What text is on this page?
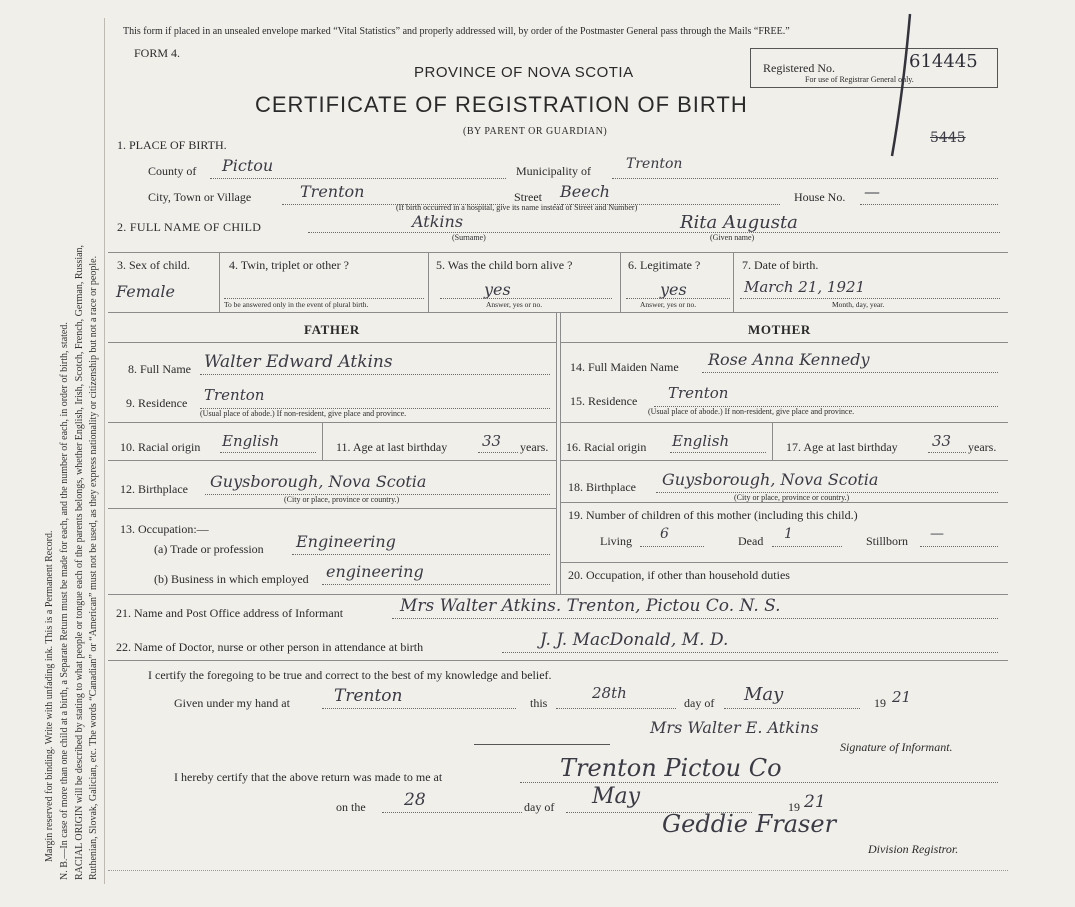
Margin reserved for binding. Write with unfading ink. This is a Permanent Record. N. B.—In case of more than one child at a birth, a Separate Return must be made for each, and the number of each, in order of birth, stated. RACIAL ORIGIN will be described by stating to what people or tongue each of the parents belongs, whether English, Irish, Scotch, French, German, Russian, Ruthenian, Slovak, Galician, etc. The words “Canadian” or “American” must not be used, as they express nationality or citizenship but not a race or people.
This form if placed in an unsealed envelope marked “Vital Statistics” and properly addressed will, by order of the Postmaster General pass through the Mails “FREE.”
FORM 4.
PROVINCE OF NOVA SCOTIA
CERTIFICATE OF REGISTRATION OF BIRTH
(BY PARENT OR GUARDIAN)
Registered No.
For use of Registrar General only.
614445
5445
1. PLACE OF BIRTH.
County of Pictou	Municipality of	Trenton
City, Town or Village	Trenton	Street Beech	House No. —
(If birth occurred in a hospital, give its name instead of Street and Number)
2. FULL NAME OF CHILD	Atkins
(Surname)
Rita Augusta
(Given name)
3. Sex of child.
Female
4. Twin, triplet or other ?
To be answered only in the event of plural birth.
5. Was the child born alive ?
yes
Answer, yes or no.
6. Legitimate ?
yes
Answer, yes or no.
7. Date of birth.
March 21, 1921
Month, day, year.
FATHER
8. Full Name Walter Edward Atkins
9. Residence Trenton
(Usual place of abode.) If non-resident, give place and province.
10. Racial origin English	11. Age at last birthday 33 years.
12. Birthplace Guysborough, Nova Scotia
(City or place, province or country.)
13. Occupation:—
(a) Trade or profession Engineering
(b) Business in which employed engineering
MOTHER
14. Full Maiden Name Rose Anna Kennedy
15. Residence Trenton
(Usual place of abode.) If non-resident, give place and province.
16. Racial origin English	17. Age at last birthday 33 years.
18. Birthplace Guysborough, Nova Scotia
(City or place, province or country.)
19. Number of children of this mother (including this child.)
Living 6	Dead 1	Stillborn —
20. Occupation, if other than household duties
21. Name and Post Office address of Informant	Mrs Walter Atkins. Trenton, Pictou Co. N. S.
22. Name of Doctor, nurse or other person in attendance at birth	J. J. MacDonald, M. D.
I certify the foregoing to be true and correct to the best of my knowledge and belief.
Given under my hand at	Trenton	this
28th
day of May	19 21
Mrs Walter E. Atkins
Signature of Informant.
I hereby certify that the above return was made to me at	Trenton Pictou Co
on the 28	day of May	19 21
Geddie Fraser
Division Registror.
